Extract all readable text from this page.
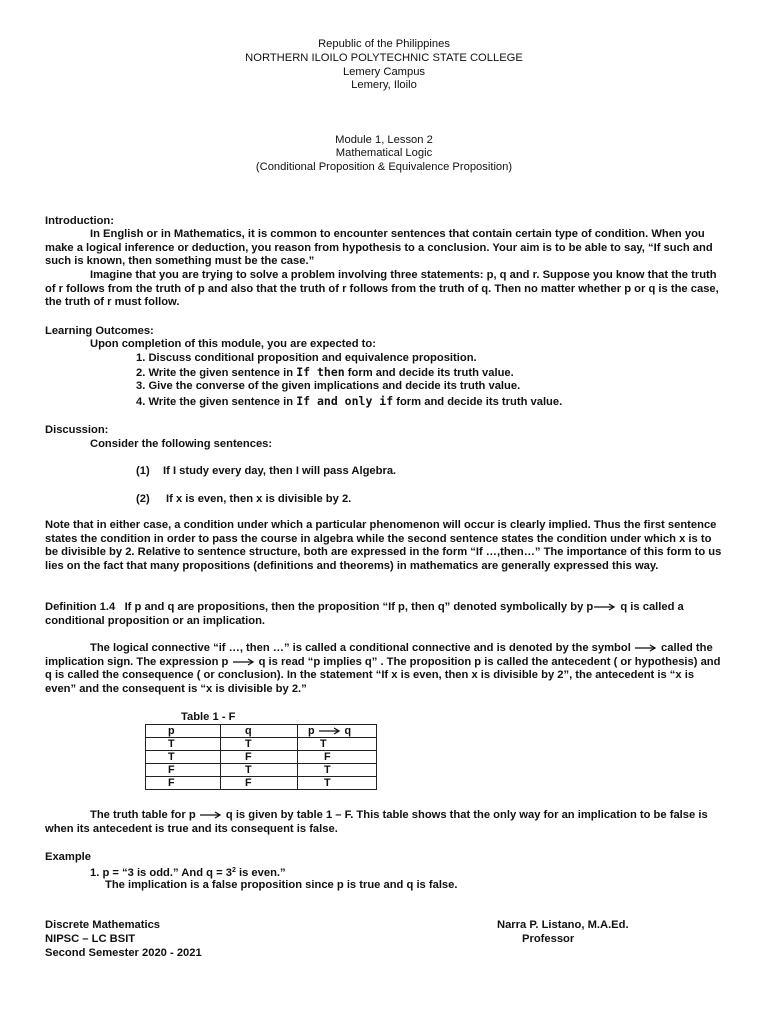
Republic of the Philippines
NORTHERN ILOILO POLYTECHNIC STATE COLLEGE
Lemery Campus
Lemery, Iloilo
Module 1, Lesson 2
Mathematical Logic
(Conditional Proposition & Equivalence Proposition)
Introduction:
In English or in Mathematics, it is common to encounter sentences that contain certain type of condition. When you make a logical inference or deduction, you reason from hypothesis to a conclusion. Your aim is to be able to say, “If such and such is known, then something must be the case.”
Imagine that you are trying to solve a problem involving three statements: p, q and r. Suppose you know that the truth of r follows from the truth of p and also that the truth of r follows from the truth of q. Then no matter whether p or q is the case, the truth of r must follow.
Learning Outcomes:
Upon completion of this module, you are expected to:
1. Discuss conditional proposition and equivalence proposition.
2. Write the given sentence in If then form and decide its truth value.
3. Give the converse of the given implications and decide its truth value.
4. Write the given sentence in If and only if form and decide its truth value.
Discussion:
Consider the following sentences:
(1) If I study every day, then I will pass Algebra.
(2) If x is even, then x is divisible by 2.
Note that in either case, a condition under which a particular phenomenon will occur is clearly implied. Thus the first sentence states the condition in order to pass the course in algebra while the second sentence states the condition under which x is to be divisible by 2. Relative to sentence structure, both are expressed in the form “If …,then…” The importance of this form to us lies on the fact that many propositions (definitions and theorems) in mathematics are generally expressed this way.
Definition 1.4 If p and q are propositions, then the proposition “If p, then q” denoted symbolically by p q is called a conditional proposition or an implication.
The logical connective “if …, then …” is called a conditional connective and is denoted by the symbol  called the implication sign. The expression p  q is read “p implies q” . The proposition p is called the antecedent ( or hypothesis) and q is called the consequence ( or conclusion). In the statement “If x is even, then x is divisible by 2”, the antecedent is “x is even” and the consequent is “x is divisible by 2.”
Table 1 - F
p	q	p q
T	T	T
T	F	F
F	T	T
F	F	T
The truth table for p  q is given by table 1 – F. This table shows that the only way for an implication to be false is when its antecedent is true and its consequent is false.
Example
1. p = “3 is odd.” And $q = 3^2$ is even.”
The implication is a false proposition since p is true and q is false.
Discrete Mathematics
NIPSC – LC BSIT
Second Semester 2020 - 2021
Narra P. Listano, M.A.Ed.
Professor
